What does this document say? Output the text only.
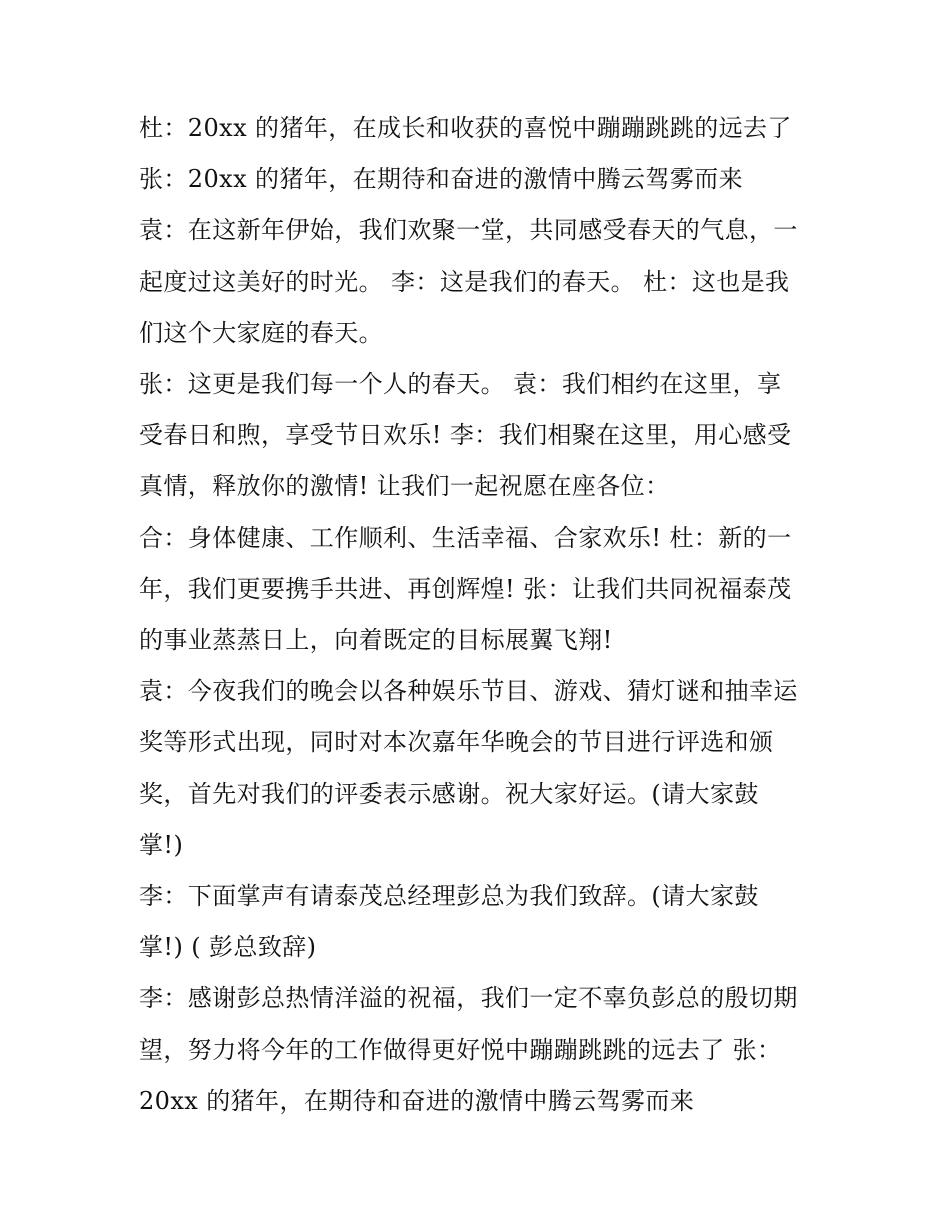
杜：20xx 的猪年，在成长和收获的喜悦中蹦蹦跳跳的远去了

张：20xx 的猪年，在期待和奋进的激情中腾云驾雾而来

袁：在这新年伊始，我们欢聚一堂，共同感受春天的气息，一
起度过这美好的时光。 李：这是我们的春天。 杜：这也是我
们这个大家庭的春天。

张：这更是我们每一个人的春天。 袁：我们相约在这里，享
受春日和煦，享受节日欢乐! 李：我们相聚在这里，用心感受
真情，释放你的激情! 让我们一起祝愿在座各位：

合：身体健康、工作顺利、生活幸福、合家欢乐! 杜：新的一
年，我们更要携手共进、再创辉煌! 张：让我们共同祝福泰茂
的事业蒸蒸日上，向着既定的目标展翼飞翔!

袁：今夜我们的晚会以各种娱乐节目、游戏、猜灯谜和抽幸运
奖等形式出现，同时对本次嘉年华晚会的节目进行评选和颁
奖，首先对我们的评委表示感谢。祝大家好运。(请大家鼓
掌!)

李：下面掌声有请泰茂总经理彭总为我们致辞。(请大家鼓
掌!) ( 彭总致辞)

李：感谢彭总热情洋溢的祝福，我们一定不辜负彭总的殷切期
望，努力将今年的工作做得更好悦中蹦蹦跳跳的远去了 张：
20xx 的猪年，在期待和奋进的激情中腾云驾雾而来
